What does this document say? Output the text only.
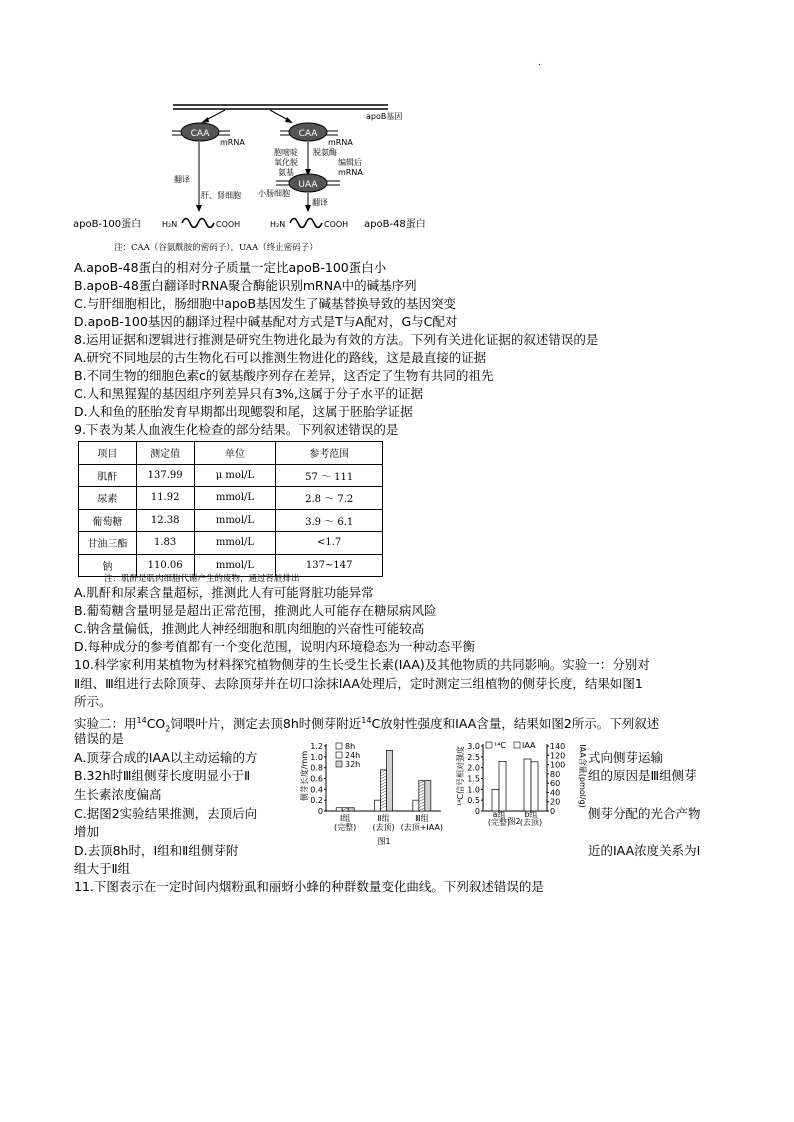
.
apoB基因
CAA
mRNA
翻译
肝、肾细胞
CAA
mRNA
胞嘧啶 氧化脱 氨基
脱氨酶
编辑后 mRNA
UAA
小肠细胞
翻译
apoB-100蛋白	H₂N	COOH	H₂N	COOH apoB-48蛋白
注：CAA（谷氨酰胺的密码子），UAA（终止密码子）
A.apoB-48蛋白的相对分子质量一定比apoB-100蛋白小
B.apoB-48蛋白翻译时RNA聚合酶能识别mRNA中的碱基序列
C.与肝细胞相比，肠细胞中apoB基因发生了碱基替换导致的基因突变
D.apoB-100基因的翻译过程中碱基配对方式是T与A配对，G与C配对
8.运用证据和逻辑进行推测是研究生物进化最为有效的方法。下列有关进化证据的叙述错误的是
A.研究不同地层的古生物化石可以推测生物进化的路线，这是最直接的证据
B.不同生物的细胞色素c的氨基酸序列存在差异，这否定了生物有共同的祖先
C.人和黑猩猩的基因组序列差异只有3%,这属于分子水平的证据
D.人和鱼的胚胎发育早期都出现鳃裂和尾，这属于胚胎学证据
9.下表为某人血液生化检查的部分结果。下列叙述错误的是
项目	测定值	单位	参考范围
肌酐	137.99	μ mol/L	57 ～ 111
尿素	11.92	mmol/L	2.8 ～ 7.2
葡萄糖	12.38	mmol/L	3.9 ～ 6.1
甘油三酯	1.83	mmol/L	<1.7
钠	110.06	mmol/L	137~147
注：肌酐是肌肉细胞代谢产生的废物，通过肾脏排出
A.肌酐和尿素含量超标，推测此人有可能肾脏功能异常
B.葡萄糖含量明显是超出正常范围，推测此人可能存在糖尿病风险
C.钠含量偏低，推测此人神经细胞和肌肉细胞的兴奋性可能较高
D.每种成分的参考值都有一个变化范围，说明内环境稳态为一种动态平衡
10.科学家利用某植物为材料探究植物侧芽的生长受生长素(IAA)及其他物质的共同影响。实验一：分别对
Ⅱ组、Ⅲ组进行去除顶芽、去除顶芽并在切口涂抹IAA处理后，定时测定三组植物的侧芽长度，结果如图1
所示。
实验二：用$^{14}CO_2$饲喂叶片，测定去顶8h时侧芽附近$^{14}$C放射性强度和IAA含量，结果如图2所示。下列叙述
错误的是
A.顶芽合成的IAA以主动运输的方	式向侧芽运输
B.32h时Ⅲ组侧芽长度明显小于Ⅱ	组的原因是Ⅲ组侧芽
生长素浓度偏高
C.据图2实验结果推测，去顶后向	侧芽分配的光合产物
增加
D.去顶8h时，Ⅰ组和Ⅱ组侧芽附	近的IAA浓度关系为Ⅰ
组大于Ⅱ组
侧芽长度/mm
0
0.2
0.4
0.6
0.8
1.0
1.2
Ⅰ组
(完整)
Ⅱ组
(去顶)
Ⅲ组
(去顶+IAA)
8h
24h
32h
图1
¹⁴C信号相对强度	IAA含量(pmol/g)
0
0.5
1.0
1.5
2.0
2.5
3.0
0
20
40
60
80
100
120
140
a组
(完整)
b组
(去顶)
¹⁴C IAA
图2
11.下图表示在一定时间内烟粉虱和丽蚜小蜂的种群数量变化曲线。下列叙述错误的是
